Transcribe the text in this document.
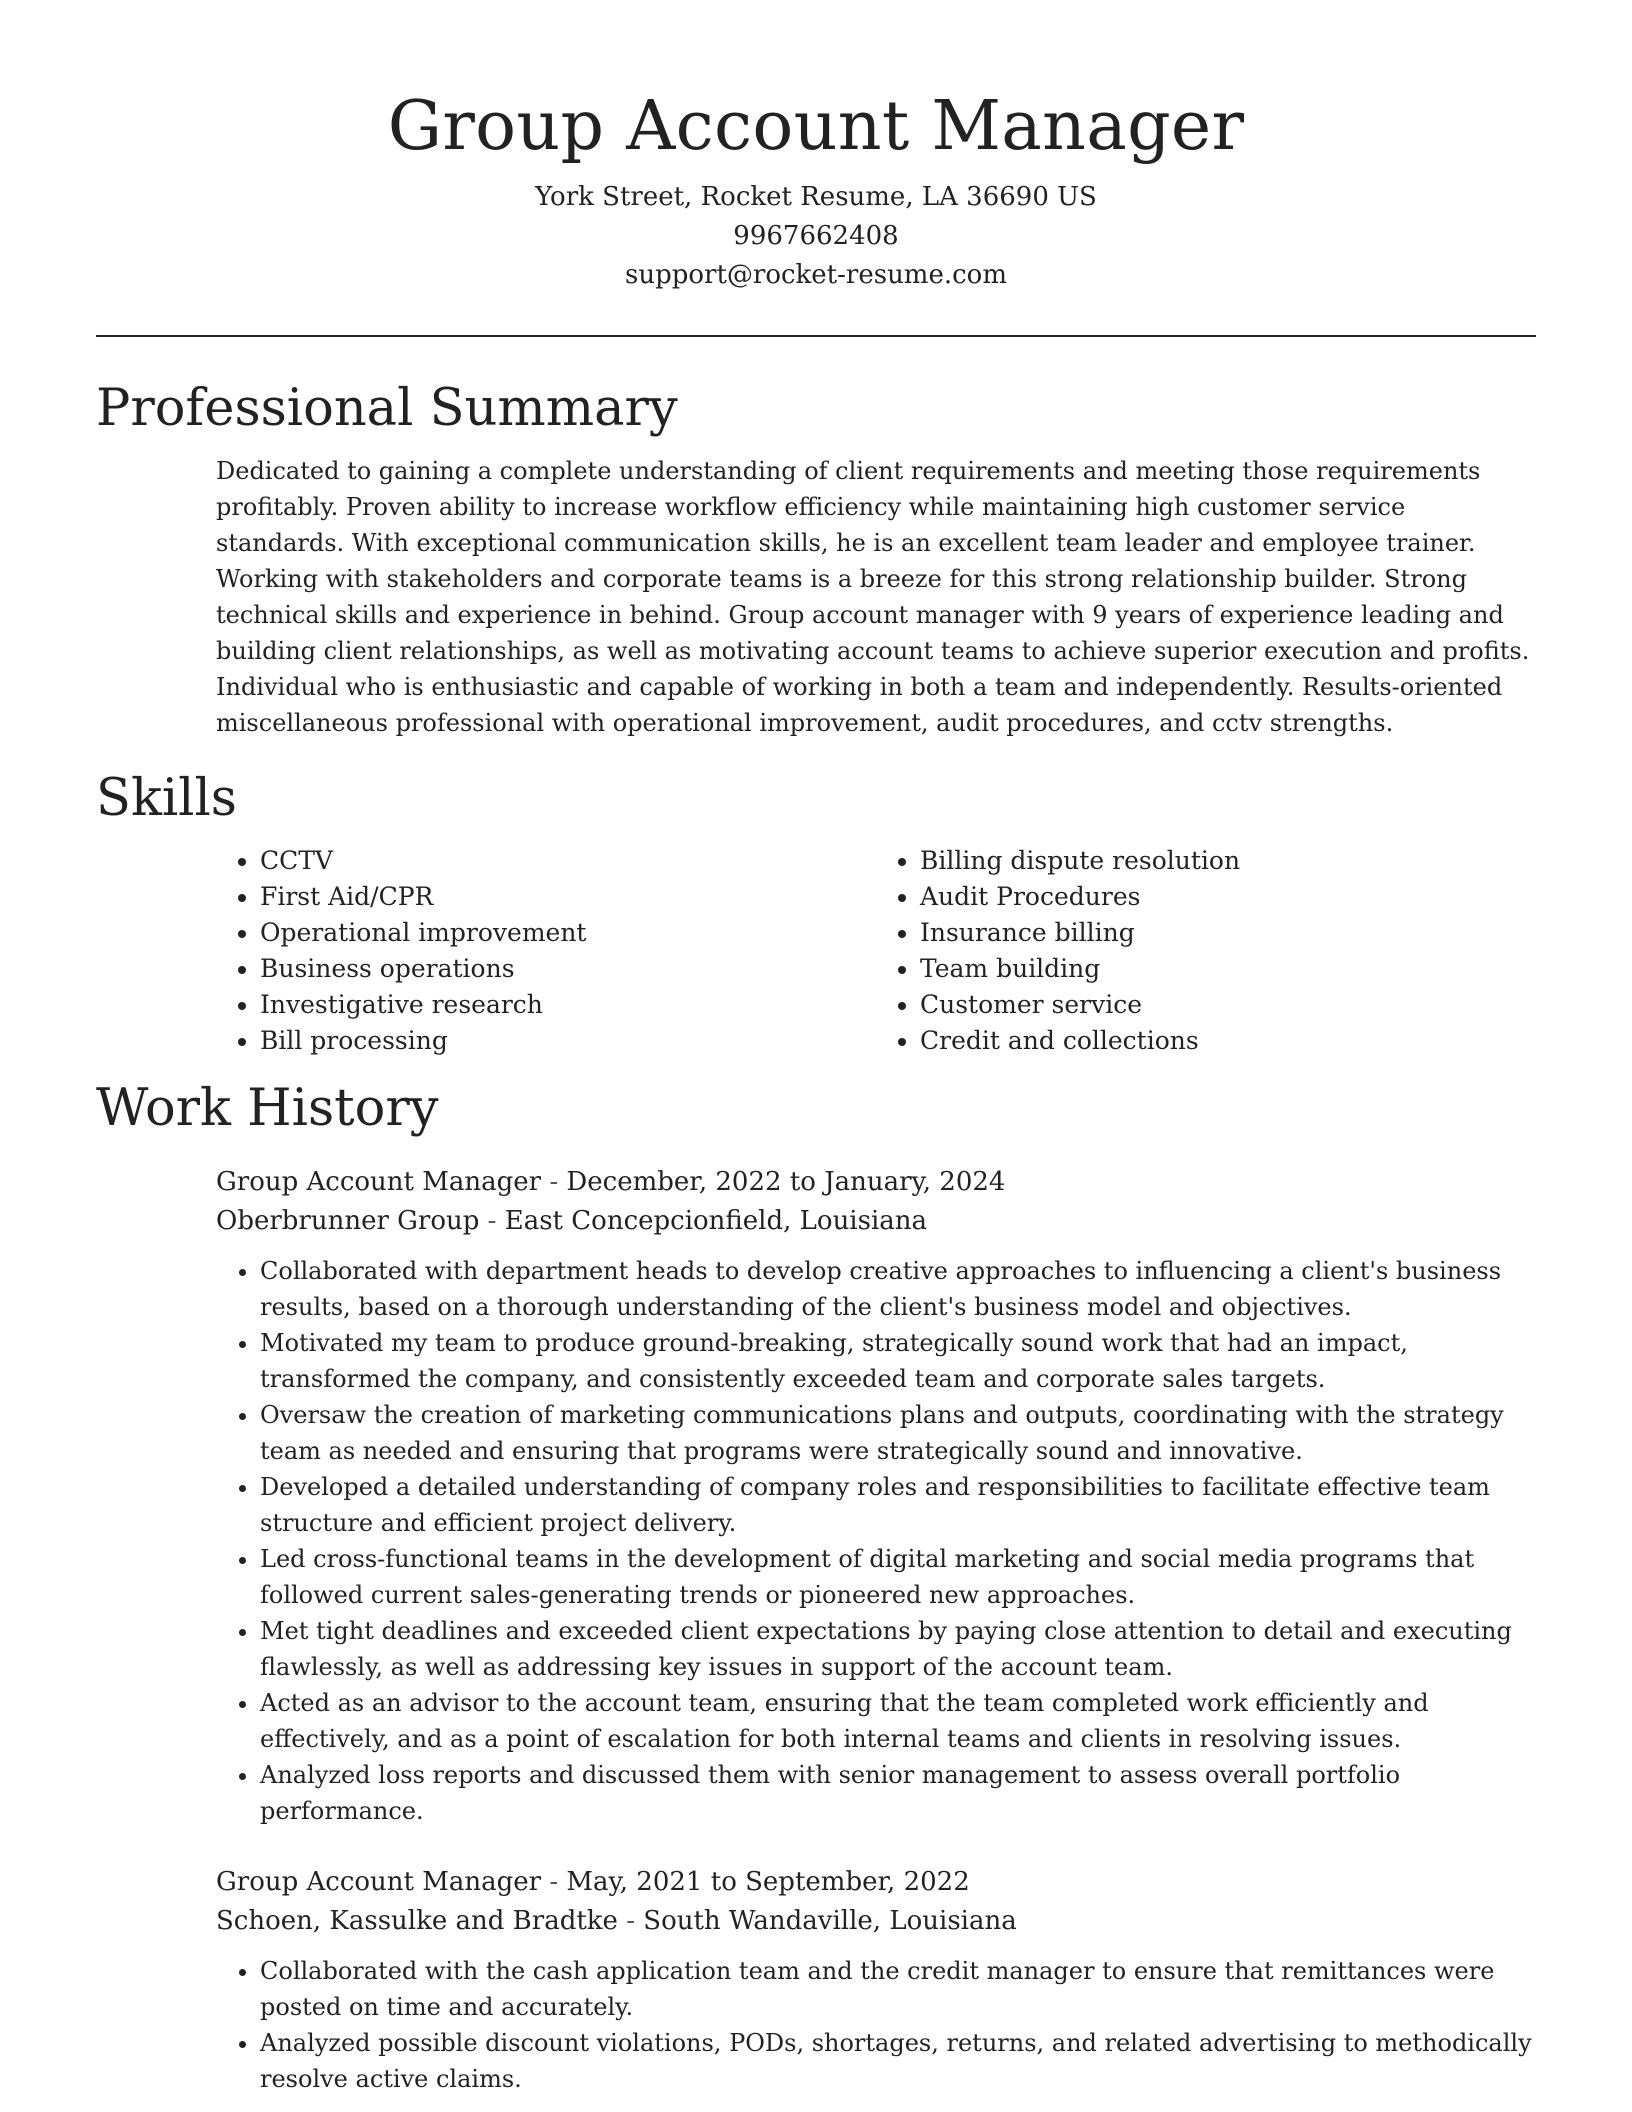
Group Account Manager
York Street, Rocket Resume, LA 36690 US
9967662408
support@rocket-resume.com
Professional Summary

Dedicated to gaining a complete understanding of client requirements and meeting those requirements profitably. Proven ability to increase workflow efficiency while maintaining high customer service standards. With exceptional communication skills, he is an excellent team leader and employee trainer. Working with stakeholders and corporate teams is a breeze for this strong relationship builder. Strong technical skills and experience in behind. Group account manager with 9 years of experience leading and building client relationships, as well as motivating account teams to achieve superior execution and profits. Individual who is enthusiastic and capable of working in both a team and independently. Results-oriented miscellaneous professional with operational improvement, audit procedures, and cctv strengths.

Skills
• CCTV
• First Aid/CPR
• Operational improvement
• Business operations
• Investigative research
• Bill processing
• Billing dispute resolution
• Audit Procedures
• Insurance billing
• Team building
• Customer service
• Credit and collections
Work History
Group Account Manager - December, 2022 to January, 2024
Oberbrunner Group - East Concepcionfield, Louisiana
• Collaborated with department heads to develop creative approaches to influencing a client's business results, based on a thorough understanding of the client's business model and objectives.
• Motivated my team to produce ground-breaking, strategically sound work that had an impact, transformed the company, and consistently exceeded team and corporate sales targets.
• Oversaw the creation of marketing communications plans and outputs, coordinating with the strategy team as needed and ensuring that programs were strategically sound and innovative.
• Developed a detailed understanding of company roles and responsibilities to facilitate effective team structure and efficient project delivery.
• Led cross-functional teams in the development of digital marketing and social media programs that followed current sales-generating trends or pioneered new approaches.
• Met tight deadlines and exceeded client expectations by paying close attention to detail and executing flawlessly, as well as addressing key issues in support of the account team.
• Acted as an advisor to the account team, ensuring that the team completed work efficiently and effectively, and as a point of escalation for both internal teams and clients in resolving issues.
• Analyzed loss reports and discussed them with senior management to assess overall portfolio performance.
Group Account Manager - May, 2021 to September, 2022
Schoen, Kassulke and Bradtke - South Wandaville, Louisiana
• Collaborated with the cash application team and the credit manager to ensure that remittances were posted on time and accurately.
• Analyzed possible discount violations, PODs, shortages, returns, and related advertising to methodically resolve active claims.
